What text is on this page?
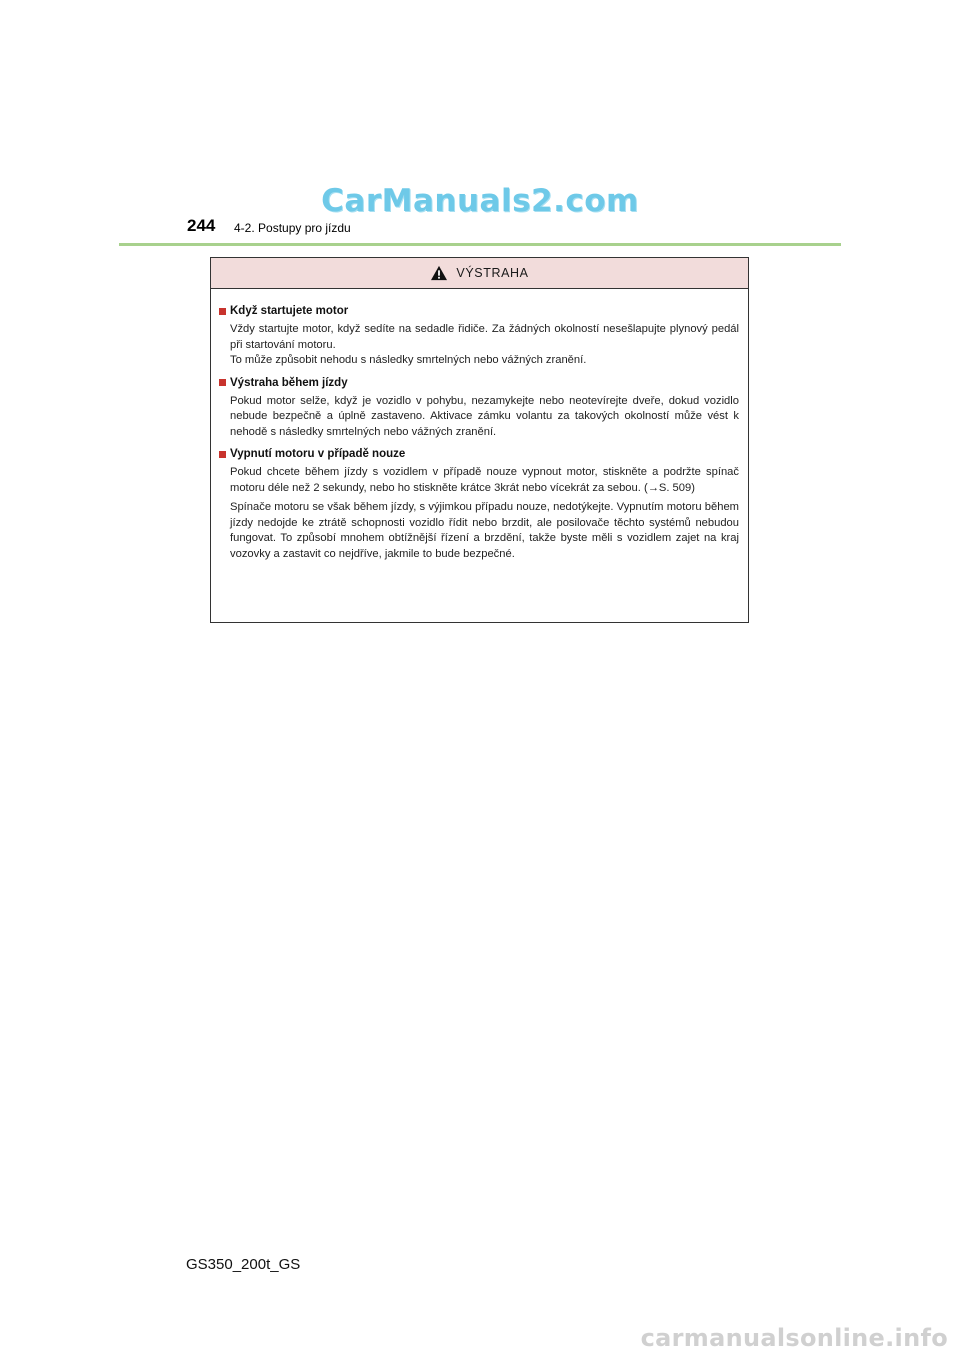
CarManuals2.com
244 4-2. Postupy pro jízdu
VÝSTRAHA
Když startujete motor

Vždy startujte motor, když sedíte na sedadle řidiče. Za žádných okolností nesešlapujte plynový pedál při startování motoru.

To může způsobit nehodu s následky smrtelných nebo vážných zranění.

Výstraha během jízdy

Pokud motor selže, když je vozidlo v pohybu, nezamykejte nebo neotevírejte dveře, dokud vozidlo nebude bezpečně a úplně zastaveno. Aktivace zámku volantu za takových okolností může vést k nehodě s následky smrtelných nebo vážných zranění.

Vypnutí motoru v případě nouze

Pokud chcete během jízdy s vozidlem v případě nouze vypnout motor, stiskněte a podržte spínač motoru déle než 2 sekundy, nebo ho stiskněte krátce 3krát nebo vícekrát za sebou. (→S. 509)

Spínače motoru se však během jízdy, s výjimkou případu nouze, nedotýkejte. Vypnutím motoru během jízdy nedojde ke ztrátě schopnosti vozidlo řídit nebo brzdit, ale posilovače těchto systémů nebudou fungovat. To způsobí mnohem obtížnější řízení a brzdění, takže byste měli s vozidlem zajet na kraj vozovky a zastavit co nejdříve, jakmile to bude bezpečné.

GS350_200t_GS
carmanualsonline.info
